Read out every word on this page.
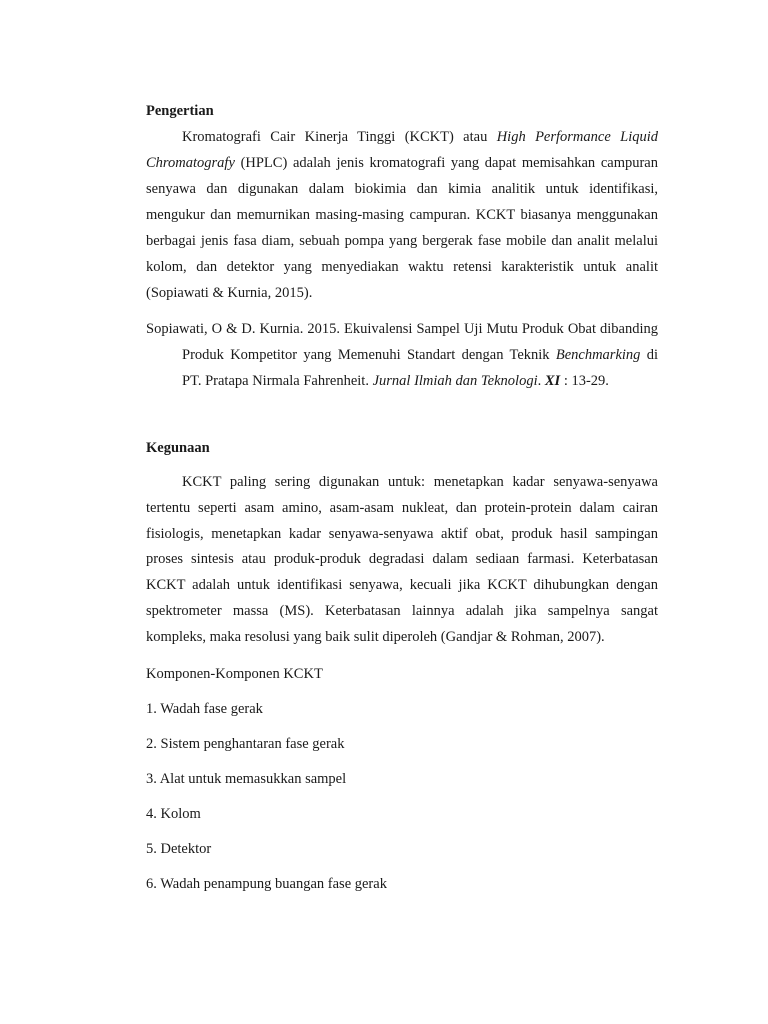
Pengertian

Kromatografi Cair Kinerja Tinggi (KCKT) atau High Performance Liquid Chromatografy (HPLC) adalah jenis kromatografi yang dapat memisahkan campuran senyawa dan digunakan dalam biokimia dan kimia analitik untuk identifikasi, mengukur dan memurnikan masing-masing campuran. KCKT biasanya menggunakan berbagai jenis fasa diam, sebuah pompa yang bergerak fase mobile dan analit melalui kolom, dan detektor yang menyediakan waktu retensi karakteristik untuk analit (Sopiawati & Kurnia, 2015).

Sopiawati, O & D. Kurnia. 2015. Ekuivalensi Sampel Uji Mutu Produk Obat dibanding Produk Kompetitor yang Memenuhi Standart dengan Teknik Benchmarking di PT. Pratapa Nirmala Fahrenheit. Jurnal Ilmiah dan Teknologi. XI : 13-29.

Kegunaan

KCKT paling sering digunakan untuk: menetapkan kadar senyawa-senyawa tertentu seperti asam amino, asam-asam nukleat, dan protein-protein dalam cairan fisiologis, menetapkan kadar senyawa-senyawa aktif obat, produk hasil sampingan proses sintesis atau produk-produk degradasi dalam sediaan farmasi. Keterbatasan KCKT adalah untuk identifikasi senyawa, kecuali jika KCKT dihubungkan dengan spektrometer massa (MS). Keterbatasan lainnya adalah jika sampelnya sangat kompleks, maka resolusi yang baik sulit diperoleh (Gandjar & Rohman, 2007).

Komponen-Komponen KCKT

1. Wadah fase gerak
2. Sistem penghantaran fase gerak
3. Alat untuk memasukkan sampel
4. Kolom
5. Detektor
6. Wadah penampung buangan fase gerak
